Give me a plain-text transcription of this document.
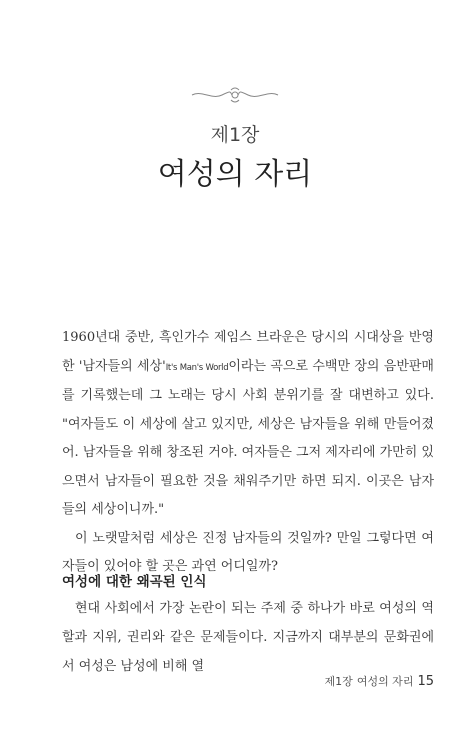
제1장
여성의 자리

1960년대 중반, 흑인가수 제임스 브라운은 당시의 시대상을 반영한 '남자들의 세상'It's Man's World이라는 곡으로 수백만 장의 음반판매를 기록했는데 그 노래는 당시 사회 분위기를 잘 대변하고 있다. "여자들도 이 세상에 살고 있지만, 세상은 남자들을 위해 만들어졌어. 남자들을 위해 창조된 거야. 여자들은 그저 제자리에 가만히 있으면서 남자들이 필요한 것을 채워주기만 하면 되지. 이곳은 남자들의 세상이니까."

이 노랫말처럼 세상은 진정 남자들의 것일까? 만일 그렇다면 여자들이 있어야 할 곳은 과연 어디일까?

여성에 대한 왜곡된 인식

현대 사회에서 가장 논란이 되는 주제 중 하나가 바로 여성의 역할과 지위, 권리와 같은 문제들이다. 지금까지 대부분의 문화권에서 여성은 남성에 비해 열

제1장 여성의 자리 15
